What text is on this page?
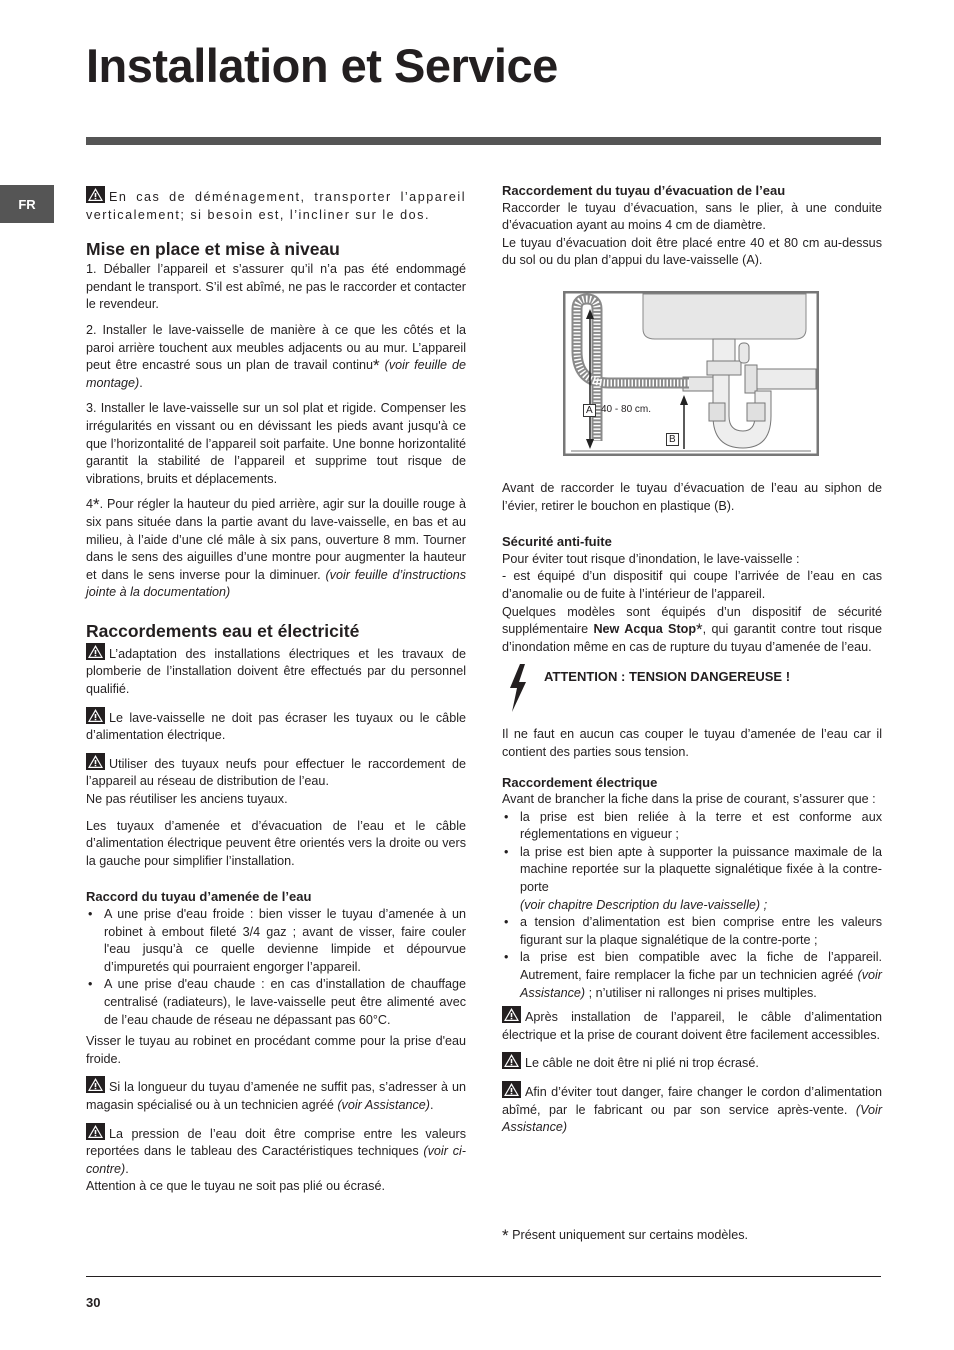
Installation et Service
FR	En cas de déménagement, transporter l’appareil verticalement; si besoin est, l’incliner sur le dos.

Mise en place et mise à niveau

1. Déballer l’appareil et s’assurer qu’il n’a pas été endommagé pendant le transport. S’il est abîmé, ne pas le raccorder et contacter le revendeur.

2. Installer le lave-vaisselle de manière à ce que les côtés et la paroi arrière touchent aux meubles adjacents ou au mur. L’appareil peut être encastré sous un plan de travail continu* (voir feuille de montage).

3. Installer le lave-vaisselle sur un sol plat et rigide. Compenser les irrégularités en vissant ou en dévissant les pieds avant jusqu'à ce que l’horizontalité de l’appareil soit parfaite. Une bonne horizontalité garantit la stabilité de l’appareil et supprime tout risque de vibrations, bruits et déplacements.

4*. Pour régler la hauteur du pied arrière, agir sur la douille rouge à six pans située dans la partie avant du lave-vaisselle, en bas et au milieu, à l’aide d’une clé mâle à six pans, ouverture 8 mm. Tourner dans le sens des aiguilles d’une montre pour augmenter la hauteur et dans le sens inverse pour la diminuer. (voir feuille d’instructions jointe à la documentation)

Raccordements eau et électricité

L’adaptation des installations électriques et les travaux de plomberie de l’installation doivent être effectués par du personnel qualifié.

Le lave-vaisselle ne doit pas écraser les tuyaux ou le câble d’alimentation électrique.

Utiliser des tuyaux neufs pour effectuer le raccordement de l’appareil au réseau de distribution de l’eau.

Ne pas réutiliser les anciens tuyaux.

Les tuyaux d’amenée et d’évacuation de l’eau et le câble d’alimentation électrique peuvent être orientés vers la droite ou vers la gauche pour simplifier l’installation.

Raccord du tuyau d’amenée de l’eau
• A une prise d'eau froide : bien visser le tuyau d’amenée à un robinet à embout fileté 3/4 gaz ; avant de visser, faire couler l'eau jusqu’à ce quelle devienne limpide et dépourvue d’impuretés qui pourraient engorger l’appareil.
• A une prise d'eau chaude : en cas d’installation de chauffage centralisé (radiateurs), le lave-vaisselle peut être alimenté avec de l’eau chaude de réseau ne dépassant pas 60°C.

Visser le tuyau au robinet en procédant comme pour la prise d'eau froide.

Si la longueur du tuyau d’amenée ne suffit pas, s’adresser à un magasin spécialisé ou à un technicien agréé (voir Assistance).

La pression de l’eau doit être comprise entre les valeurs reportées dans le tableau des Caractéristiques techniques (voir ci-contre).

Attention à ce que le tuyau ne soit pas plié ou écrasé.

Raccordement du tuyau d’évacuation de l’eau

Raccorder le tuyau d’évacuation, sans le plier, à une conduite d’évacuation ayant au moins 4 cm de diamètre.

Le tuyau d’évacuation doit être placé entre 40 et 80 cm au-dessus du sol ou du plan d’appui du lave-vaisselle (A).

A 40 - 80 cm.
B

Avant de raccorder le tuyau d’évacuation de l’eau au siphon de l’évier, retirer le bouchon en plastique (B).

Sécurité anti-fuite

Pour éviter tout risque d’inondation, le lave-vaisselle :

- est équipé d’un dispositif qui coupe l’arrivée de l’eau en cas d’anomalie ou de fuite à l’intérieur de l’appareil.

Quelques modèles sont équipés d’un dispositif de sécurité supplémentaire New Acqua Stop*, qui garantit contre tout risque d’inondation même en cas de rupture du tuyau d’amenée de l’eau.

ATTENTION : TENSION DANGEREUSE !

Il ne faut en aucun cas couper le tuyau d’amenée de l’eau car il contient des parties sous tension.

Raccordement électrique

Avant de brancher la fiche dans la prise de courant, s’assurer que :

• la prise est bien reliée à la terre et est conforme aux réglementations en vigueur ;
• la prise est bien apte à supporter la puissance maximale de la machine reportée sur la plaquette signalétique fixée à la contre-porte
(voir chapitre Description du lave-vaisselle) ;
• a tension d’alimentation est bien comprise entre les valeurs figurant sur la plaque signalétique de la contre-porte ;
• la prise est bien compatible avec la fiche de l’appareil. Autrement, faire remplacer la fiche par un technicien agréé (voir Assistance) ; n’utiliser ni rallonges ni prises multiples.

Après installation de l’appareil, le câble d’alimentation électrique et la prise de courant doivent être facilement accessibles.

Le câble ne doit être ni plié ni trop écrasé.

Afin d’éviter tout danger, faire changer le cordon d’alimentation abîmé, par le fabricant ou par son service après-vente. (Voir Assistance)

* Présent uniquement sur certains modèles.
30
